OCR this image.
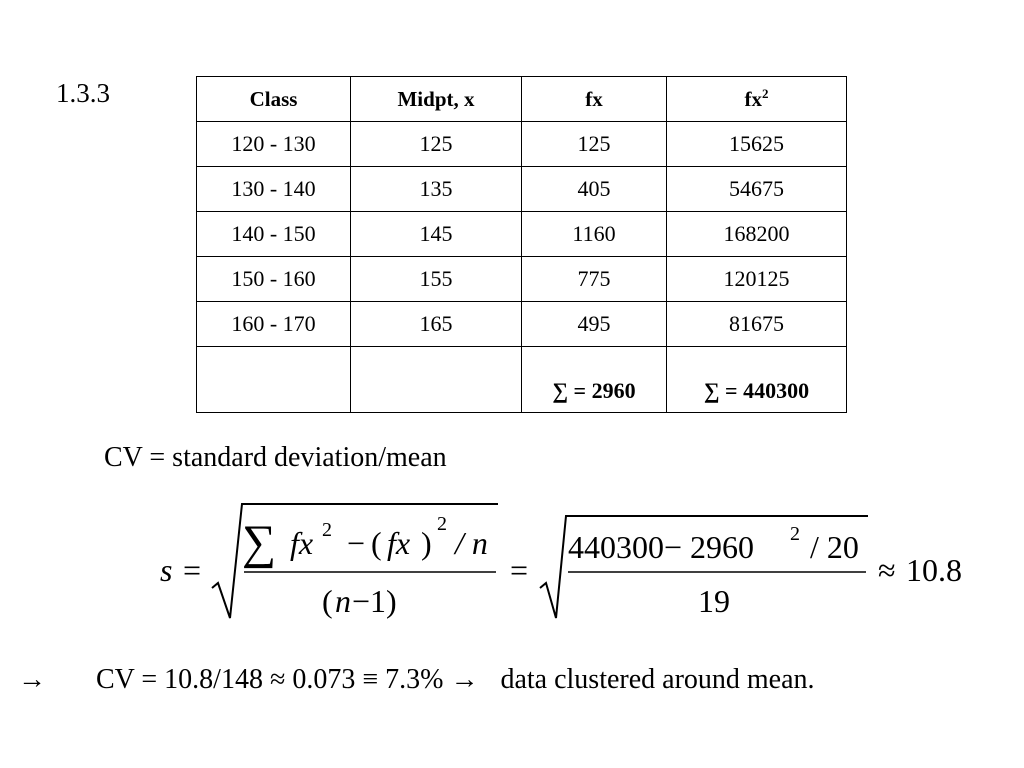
1.3.3	Class	Midpt, x	fx	$fx^2$
120 - 130	125	125	15625
130 - 140	135	405	54675
140 - 150	145	1160	168200
150 - 160	155	775	120125
160 - 170	165	495	81675
		∑ = 2960	∑ = 440300
CV = standard deviation/mean
s =
∑ fx 2 − ( fx )
2
/ n
( n −1)
=
440300− 2960 2 / 20
19
≈ 10.8
→ CV = 10.8/148 ≈ 0.073 ≡ 7.3% → data clustered around mean.
